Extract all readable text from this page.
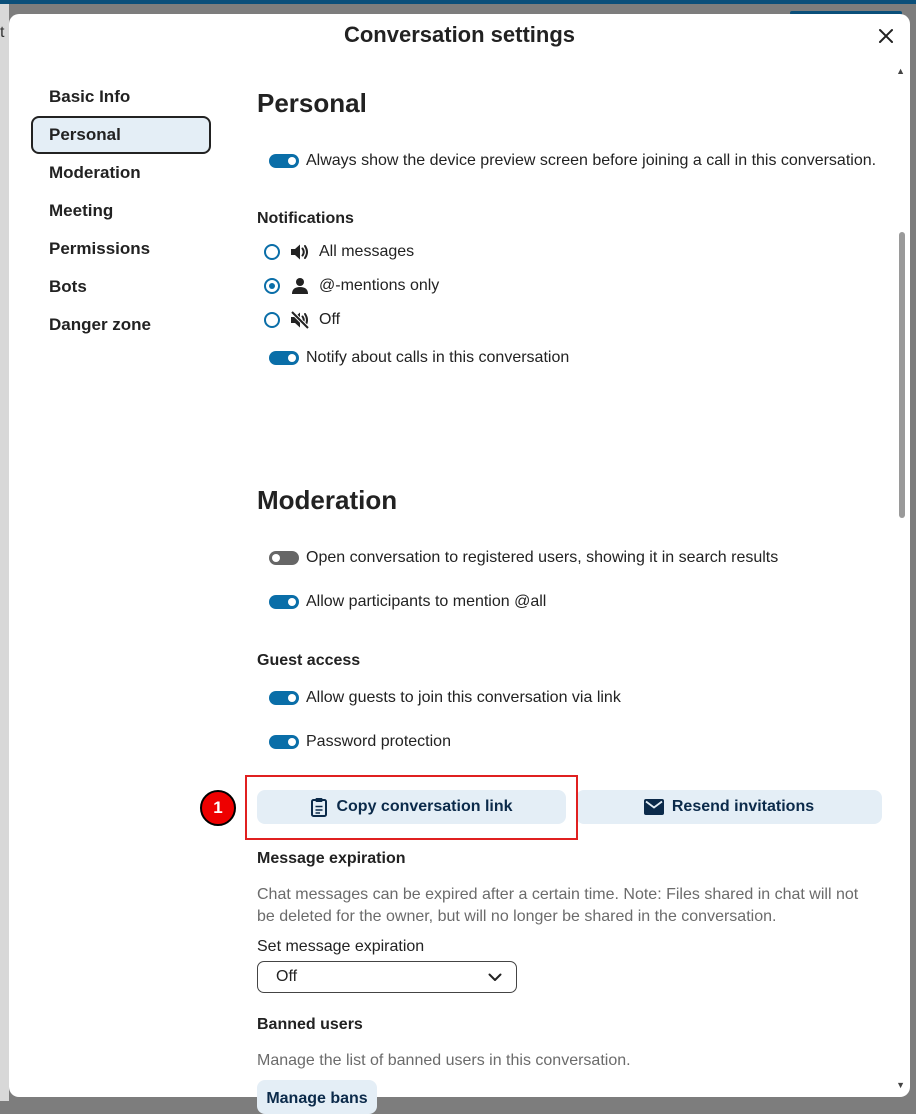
t	Conversation settings
Basic Info
Personal
Moderation
Meeting
Permissions
Bots
Danger zone
▲
▼
Personal
Always show the device preview screen before joining a call in this conversation.
Notifications
All messages
@-mentions only
Off
Notify about calls in this conversation
Moderation
Open conversation to registered users, showing it in search results
Allow participants to mention @all
Guest access
Allow guests to join this conversation via link
Password protection
Copy conversation link	Resend invitations
Message expiration
Chat messages can be expired after a certain time. Note: Files shared in chat will not be deleted for the owner, but will no longer be shared in the conversation.
Set message expiration
Off
Banned users
Manage the list of banned users in this conversation.
Manage bans
1
